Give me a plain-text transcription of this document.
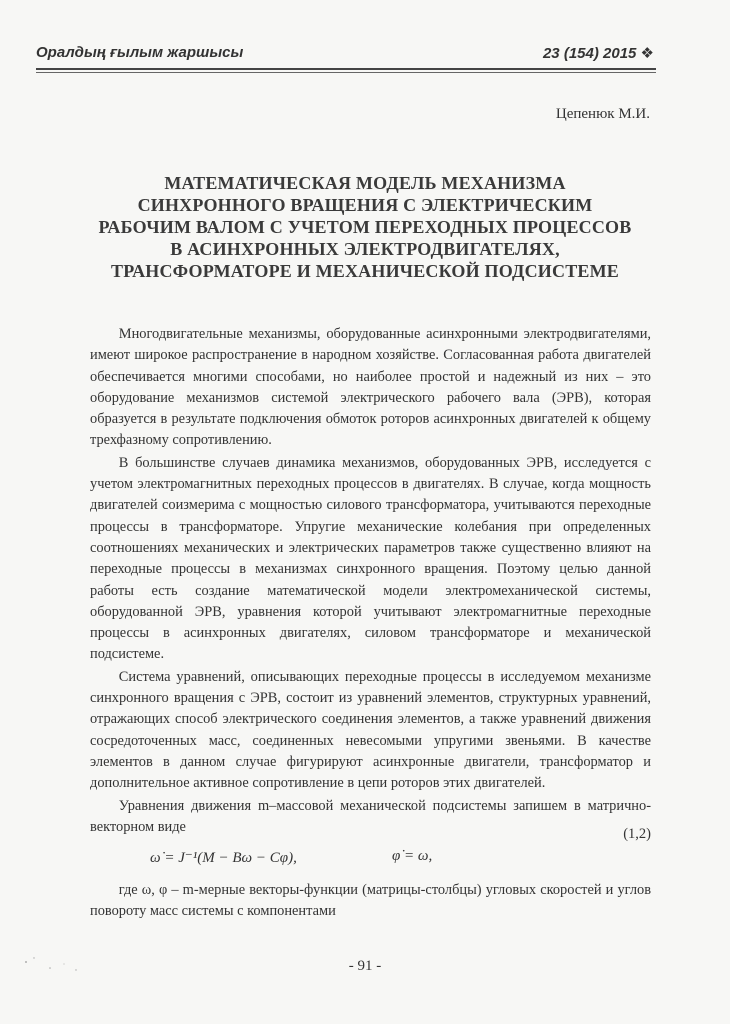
Оралдың ғылым жаршысы	23 (154) 2015 ❖
Цепенюк М.И.
МАТЕМАТИЧЕСКАЯ МОДЕЛЬ МЕХАНИЗМА
СИНХРОННОГО ВРАЩЕНИЯ С ЭЛЕКТРИЧЕСКИМ
РАБОЧИМ ВАЛОМ С УЧЕТОМ ПЕРЕХОДНЫХ ПРОЦЕССОВ
В АСИНХРОННЫХ ЭЛЕКТРОДВИГАТЕЛЯХ,
ТРАНСФОРМАТОРЕ И МЕХАНИЧЕСКОЙ ПОДСИСТЕМЕ

Многодвигательные механизмы, оборудованные асинхронными электродвигателями, имеют широкое распространение в народном хозяйстве. Согласованная работа двигателей обеспечивается многими способами, но наиболее простой и надежный из них – это оборудование механизмов системой электрического рабочего вала (ЭРВ), которая образуется в результате подключения обмоток роторов асинхронных двигателей к общему трехфазному сопротивлению.

В большинстве случаев динамика механизмов, оборудованных ЭРВ, исследуется с учетом электромагнитных переходных процессов в двигателях. В случае, когда мощность двигателей соизмерима с мощностью силового трансформатора, учитываются переходные процессы в трансформаторе. Упругие механические колебания при определенных соотношениях механических и электрических параметров также существенно влияют на переходные процессы в механизмах синхронного вращения. Поэтому целью данной работы есть создание математической модели электромеханической системы, оборудованной ЭРВ, уравнения которой учитывают электромагнитные переходные процессы в асинхронных двигателях, силовом трансформаторе и механической подсистеме.

Система уравнений, описывающих переходные процессы в исследуемом механизме синхронного вращения с ЭРВ, состоит из уравнений элементов, структурных уравнений, отражающих способ электрического соединения элементов, а также уравнений движения сосредоточенных масс, соединенных невесомыми упругими звеньями. В качестве элементов в данном случае фигурируют асинхронные двигатели, трансформатор и дополнительное активное сопротивление в цепи роторов этих двигателей.

Уравнения движения m–массовой механической подсистемы запишем в матрично-векторном виде	(1,2)
ω̇ = J⁻¹(M − Bω − Cφ),	φ̇ = ω,
где ω, φ – m-мерные векторы-функции (матрицы-столбцы) угловых скоростей и углов повороту масс системы с компонентами
- 91 -
